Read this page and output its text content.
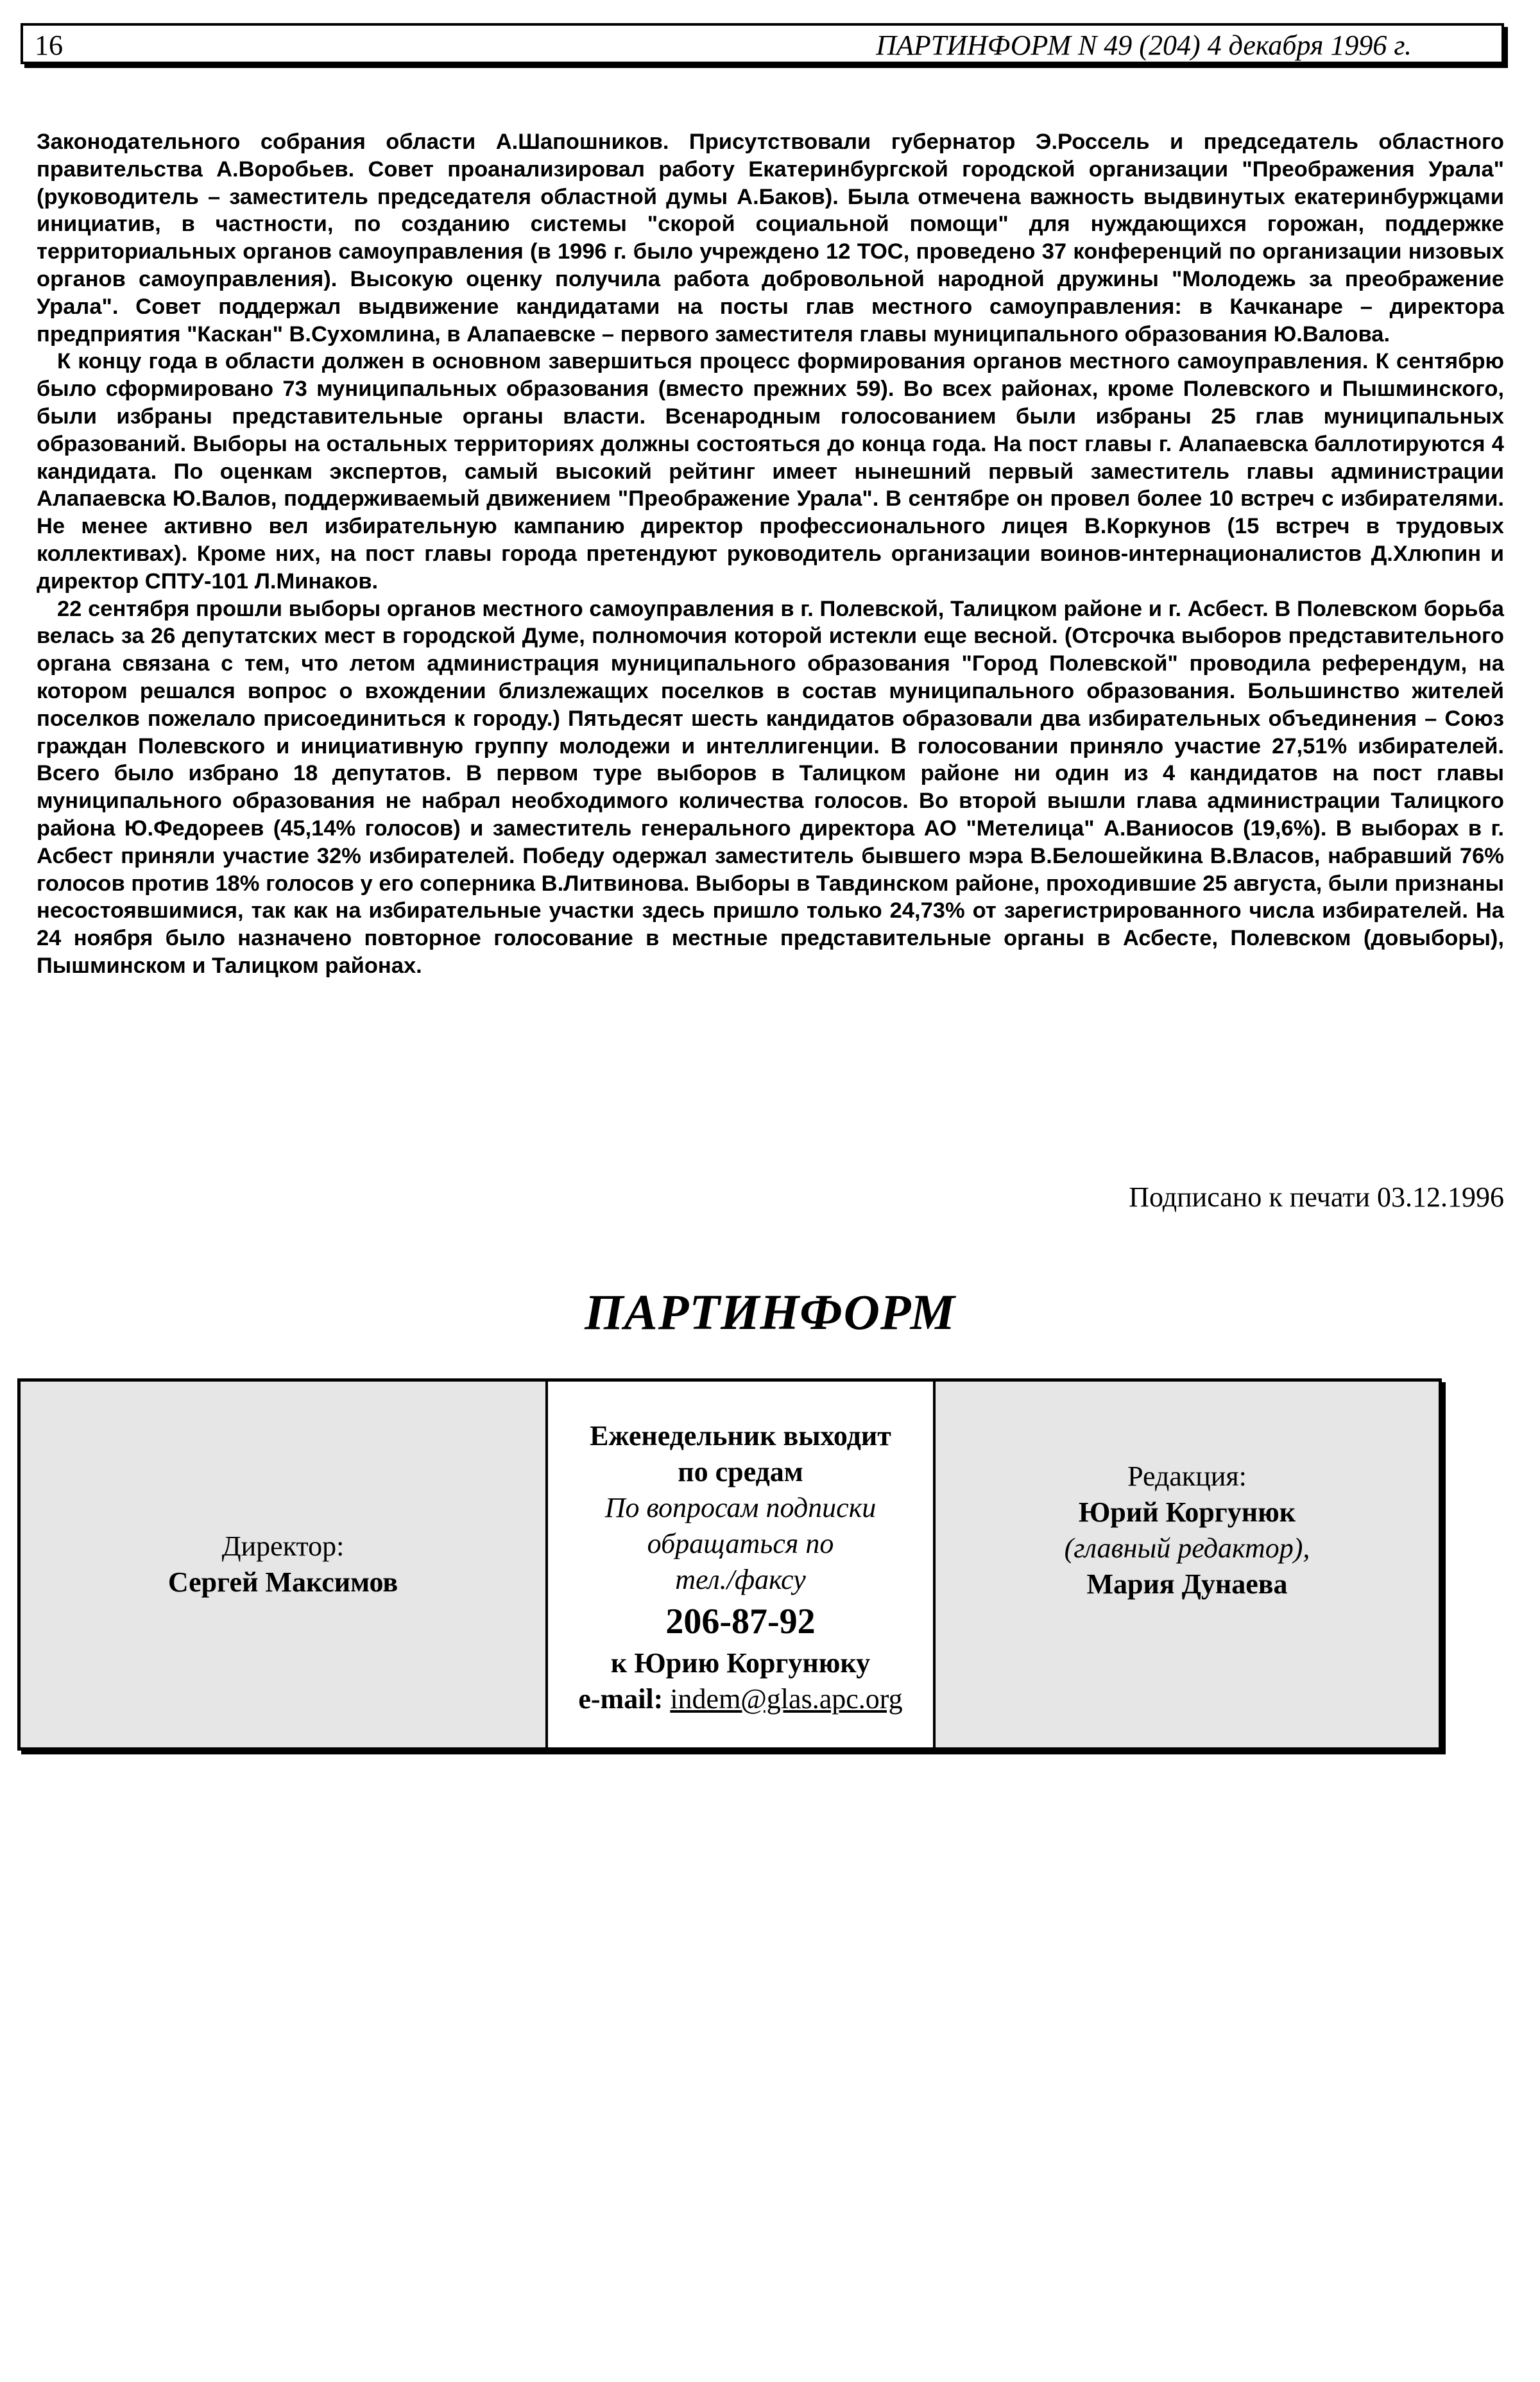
16	ПАРТИНФОРМ N 49 (204) 4 декабря 1996 г.

Законодательного собрания области А.Шапошников. Присутствовали губернатор Э.Россель и председатель областного правительства А.Воробьев. Совет проанализировал работу Екатеринбургской городской организации "Преображения Урала" (руководитель – заместитель председателя областной думы А.Баков). Была отмечена важность выдвинутых екатеринбуржцами инициатив, в частности, по созданию системы "скорой социальной помощи" для нуждающихся горожан, поддержке территориальных органов самоуправления (в 1996 г. было учреждено 12 ТОС, проведено 37 конференций по организации низовых органов самоуправления). Высокую оценку получила работа добровольной народной дружины "Молодежь за преображение Урала". Совет поддержал выдвижение кандидатами на посты глав местного самоуправления: в Качканаре – директора предприятия "Каскан" В.Сухомлина, в Алапаевске – первого заместителя главы муниципального образования Ю.Валова.

К концу года в области должен в основном завершиться процесс формирования органов местного самоуправления. К сентябрю было сформировано 73 муниципальных образования (вместо прежних 59). Во всех районах, кроме Полевского и Пышминского, были избраны представительные органы власти. Всенародным голосованием были избраны 25 глав муниципальных образований. Выборы на остальных территориях должны состояться до конца года. На пост главы г. Алапаевска баллотируются 4 кандидата. По оценкам экспертов, самый высокий рейтинг имеет нынешний первый заместитель главы администрации Алапаевска Ю.Валов, поддерживаемый движением "Преображение Урала". В сентябре он провел более 10 встреч с избирателями. Не менее активно вел избирательную кампанию директор профессионального лицея В.Коркунов (15 встреч в трудовых коллективах). Кроме них, на пост главы города претендуют руководитель организации воинов-интернационалистов Д.Хлюпин и директор СПТУ-101 Л.Минаков.

22 сентября прошли выборы органов местного самоуправления в г. Полевской, Талицком районе и г. Асбест. В Полевском борьба велась за 26 депутатских мест в городской Думе, полномочия которой истекли еще весной. (Отсрочка выборов представительного органа связана с тем, что летом администрация муниципального образования "Город Полевской" проводила референдум, на котором решался вопрос о вхождении близлежащих поселков в состав муниципального образования. Большинство жителей поселков пожелало присоединиться к городу.) Пятьдесят шесть кандидатов образовали два избирательных объединения – Союз граждан Полевского и инициативную группу молодежи и интеллигенции. В голосовании приняло участие 27,51% избирателей. Всего было избрано 18 депутатов. В первом туре выборов в Талицком районе ни один из 4 кандидатов на пост главы муниципального образования не набрал необходимого количества голосов. Во второй вышли глава администрации Талицкого района Ю.Федореев (45,14% голосов) и заместитель генерального директора АО "Метелица" А.Ваниосов (19,6%). В выборах в г. Асбест приняли участие 32% избирателей. Победу одержал заместитель бывшего мэра В.Белошейкина В.Власов, набравший 76% голосов против 18% голосов у его соперника В.Литвинова. Выборы в Тавдинском районе, проходившие 25 августа, были признаны несостоявшимися, так как на избирательные участки здесь пришло только 24,73% от зарегистрированного числа избирателей. На 24 ноября было назначено повторное голосование в местные представительные органы в Асбесте, Полевском (довыборы), Пышминском и Талицком районах.

Подписано к печати 03.12.1996
ПАРТИНФОРМ
Директор:
Сергей Максимов
Еженедельник выходит
по средам
По вопросам подписки
обращаться по
тел./факсу
206-87-92
к Юрию Коргунюку
e-mail: indem@glas.apc.org
Редакция:
Юрий Коргунюк
(главный редактор),
Мария Дунаева
